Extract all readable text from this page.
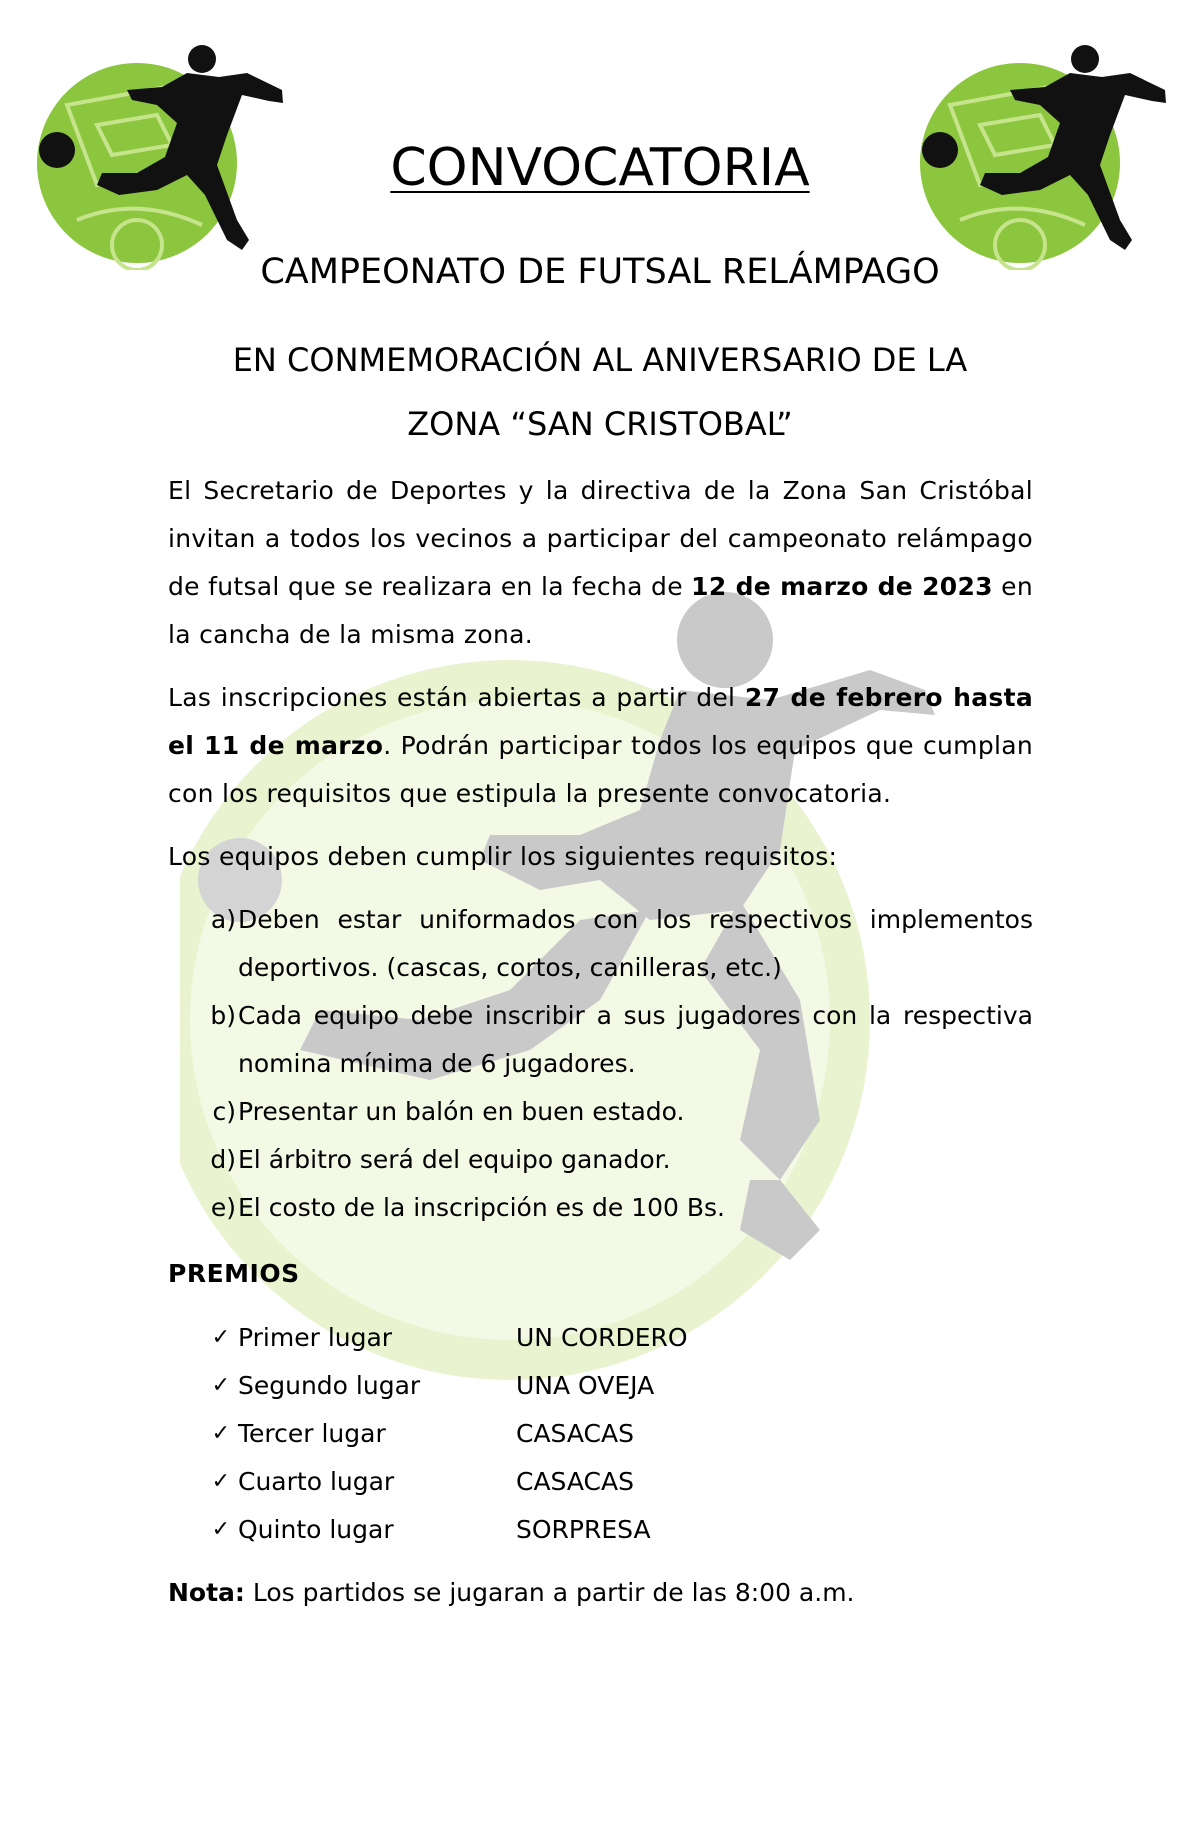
CONVOCATORIA
CAMPEONATO DE FUTSAL RELÁMPAGO
EN CONMEMORACIÓN AL ANIVERSARIO DE LA
ZONA “SAN CRISTOBAL”

El Secretario de Deportes y la directiva de la Zona San Cristóbal invitan a todos los vecinos a participar del campeonato relámpago de futsal que se realizara en la fecha de 12 de marzo de 2023 en la cancha de la misma zona.

Las inscripciones están abiertas a partir del 27 de febrero hasta el 11 de marzo. Podrán participar todos los equipos que cumplan con los requisitos que estipula la presente convocatoria.

Los equipos deben cumplir los siguientes requisitos:

a) Deben estar uniformados con los respectivos implementos deportivos. (cascas, cortos, canilleras, etc.)
b) Cada equipo debe inscribir a sus jugadores con la respectiva nomina mínima de 6 jugadores.
c) Presentar un balón en buen estado.
d) El árbitro será del equipo ganador.
e) El costo de la inscripción es de 100 Bs.
PREMIOS
✓ Primer lugar	UN CORDERO
✓ Segundo lugar	UNA OVEJA
✓ Tercer lugar	CASACAS
✓ Cuarto lugar	CASACAS
✓ Quinto lugar	SORPRESA

Nota: Los partidos se jugaran a partir de las 8:00 a.m.
